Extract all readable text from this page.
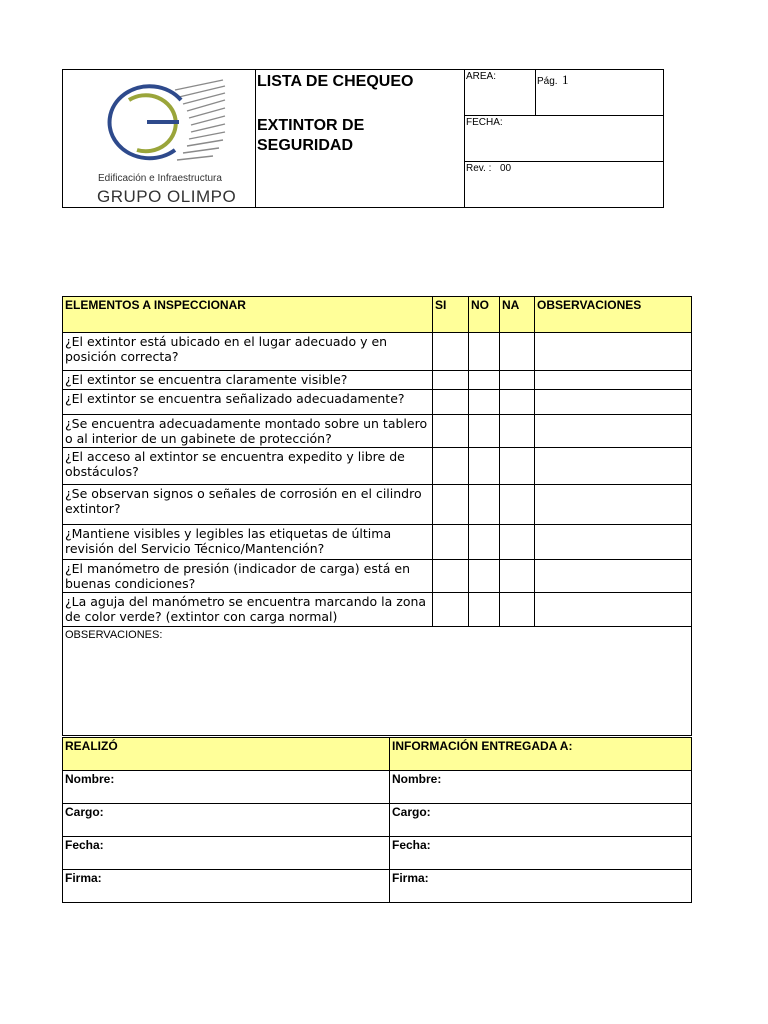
Edificación e Infraestructura
GRUPO OLIMPO
LISTA DE CHEQUEO
EXTINTOR DE SEGURIDAD
AREA:	Pág. 1
FECHA:
Rev. : 00
ELEMENTOS A INSPECCIONAR	SI	NO	NA	OBSERVACIONES
¿El extintor está ubicado en el lugar adecuado y en posición correcta?				
¿El extintor se encuentra claramente visible?				
¿El extintor se encuentra señalizado adecuadamente?				
¿Se encuentra adecuadamente montado sobre un tablero o al interior de un gabinete de protección?				
¿El acceso al extintor se encuentra expedito y libre de obstáculos?				
¿Se observan signos o señales de corrosión en el cilindro extintor?				
¿Mantiene visibles y legibles las etiquetas de última revisión del Servicio Técnico/Mantención?				
¿El manómetro de presión (indicador de carga) está en buenas condiciones?				
¿La aguja del manómetro se encuentra marcando la zona de color verde? (extintor con carga normal)				
OBSERVACIONES:				
REALIZÓ	INFORMACIÓN ENTREGADA A:
Nombre:	Nombre:
Cargo:	Cargo:
Fecha:	Fecha:
Firma:	Firma:
